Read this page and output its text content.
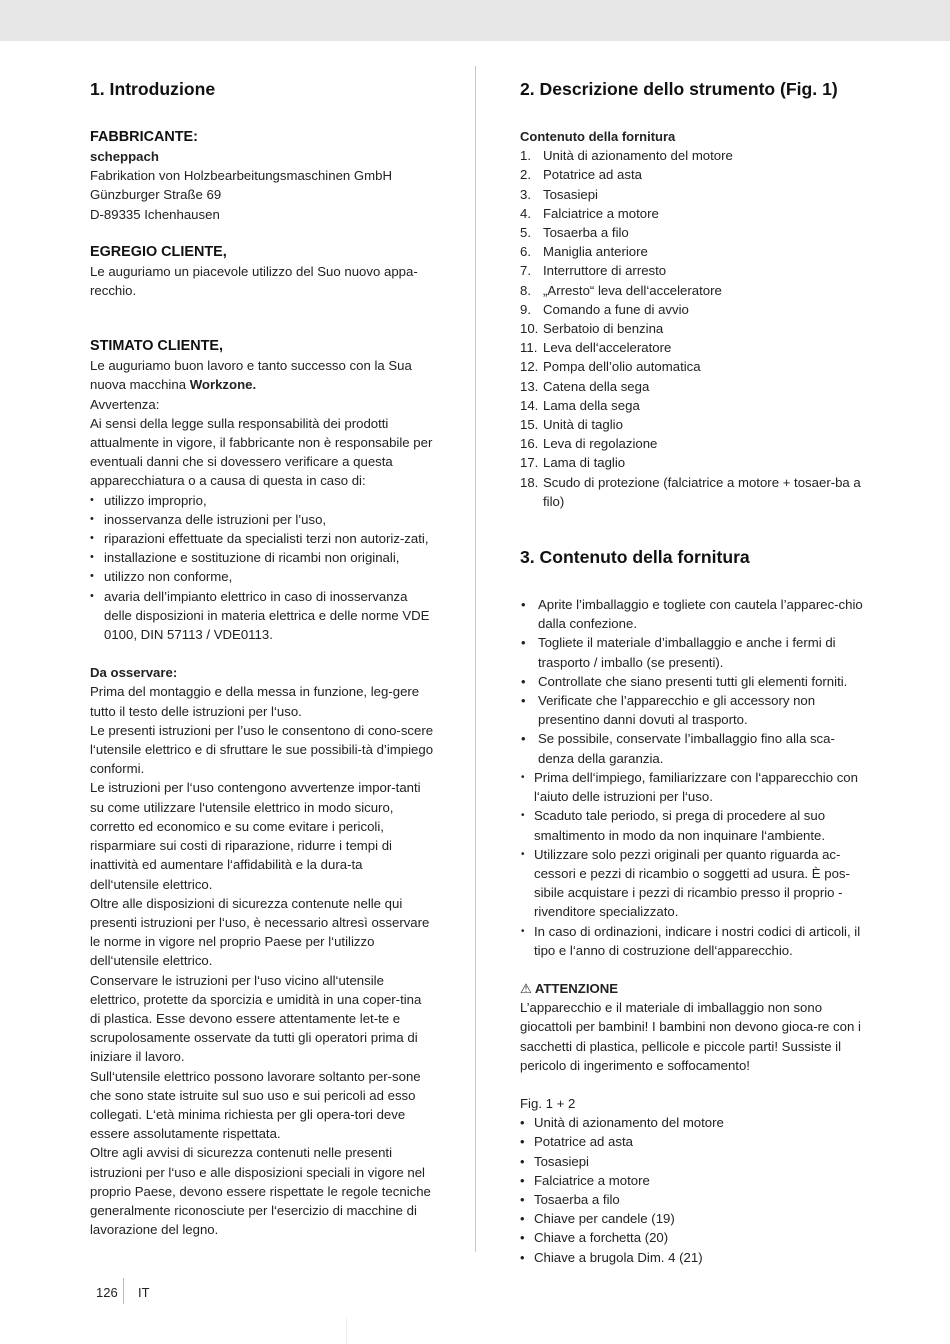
1. Introduzione
FABBRICANTE:

scheppach

Fabrikation von Holzbearbeitungsmaschinen GmbH

Günzburger Straße 69

D-89335 Ichenhausen

EGREGIO CLIENTE,

Le auguriamo un piacevole utilizzo del Suo nuovo appa-recchio.

STIMATO CLIENTE,

Le auguriamo buon lavoro e tanto successo con la Sua nuova macchina Workzone.

Avvertenza:

Ai sensi della legge sulla responsabilità dei prodotti attualmente in vigore, il fabbricante non è responsabile per eventuali danni che si dovessero verificare a questa apparecchiatura o a causa di questa in caso di:

• utilizzo improprio,
• inosservanza delle istruzioni per l’uso,
• riparazioni effettuate da specialisti terzi non autoriz-zati,
• installazione e sostituzione di ricambi non originali,
• utilizzo non conforme,
• avaria dell’impianto elettrico in caso di inosservanza delle disposizioni in materia elettrica e delle norme VDE 0100, DIN 57113 / VDE0113.

Da osservare:

Prima del montaggio e della messa in funzione, leg-gere tutto il testo delle istruzioni per l‘uso.

Le presenti istruzioni per l’uso le consentono di cono-scere l‘utensile elettrico e di sfruttare le sue possibili-tà d’impiego conformi.

Le istruzioni per l‘uso contengono avvertenze impor-tanti su come utilizzare l‘utensile elettrico in modo sicuro, corretto ed economico e su come evitare i pericoli, risparmiare sui costi di riparazione, ridurre i tempi di inattività ed aumentare l‘affidabilità e la dura-ta dell‘utensile elettrico.

Oltre alle disposizioni di sicurezza contenute nelle qui presenti istruzioni per l‘uso, è necessario altresì osservare le norme in vigore nel proprio Paese per l‘utilizzo dell‘utensile elettrico.

Conservare le istruzioni per l‘uso vicino all‘utensile elettrico, protette da sporcizia e umidità in una coper-tina di plastica. Esse devono essere attentamente let-te e scrupolosamente osservate da tutti gli operatori prima di iniziare il lavoro.

Sull‘utensile elettrico possono lavorare soltanto per-sone che sono state istruite sul suo uso e sui pericoli ad esso collegati. L‘età minima richiesta per gli opera-tori deve essere assolutamente rispettata.

Oltre agli avvisi di sicurezza contenuti nelle presenti istruzioni per l‘uso e alle disposizioni speciali in vigore nel proprio Paese, devono essere rispettate le regole tecniche generalmente riconosciute per l‘esercizio di macchine di lavorazione del legno.

2. Descrizione dello strumento (Fig. 1)

Contenuto della fornitura

1. Unità di azionamento del motore
2. Potatrice ad asta
3. Tosasiepi
4. Falciatrice a motore
5. Tosaerba a filo
6. Maniglia anteriore
7. Interruttore di arresto
8. „Arresto“ leva dell‘acceleratore
9. Comando a fune di avvio
10. Serbatoio di benzina
11. Leva dell‘acceleratore
12. Pompa dell’olio automatica
13. Catena della sega
14. Lama della sega
15. Unità di taglio
16. Leva di regolazione
17. Lama di taglio
18. Scudo di protezione (falciatrice a motore + tosaer-ba a filo)
3. Contenuto della fornitura
• Aprite l’imballaggio e togliete con cautela l’apparec-chio dalla confezione.
• Togliete il materiale d’imballaggio e anche i fermi di trasporto / imballo (se presenti).
• Controllate che siano presenti tutti gli elementi forniti.
• Verificate che l’apparecchio e gli accessory non presentino danni dovuti al trasporto.
• Se possibile, conservate l’imballaggio fino alla sca-denza della garanzia.
• Prima dell‘impiego, familiarizzare con l‘apparecchio con l‘aiuto delle istruzioni per l‘uso.
• Scaduto tale periodo, si prega di procedere al suo smaltimento in modo da non inquinare l‘ambiente.
• Utilizzare solo pezzi originali per quanto riguarda ac-cessori e pezzi di ricambio o soggetti ad usura. È pos-sibile acquistare i pezzi di ricambio presso il proprio - rivenditore specializzato.
• In caso di ordinazioni, indicare i nostri codici di articoli, il tipo e l‘anno di costruzione dell‘apparecchio.

⚠ ATTENZIONE

L’apparecchio e il materiale di imballaggio non sono giocattoli per bambini! I bambini non devono gioca-re con i sacchetti di plastica, pellicole e piccole parti! Sussiste il pericolo di ingerimento e soffocamento!

Fig. 1 + 2

• Unità di azionamento del motore
• Potatrice ad asta
• Tosasiepi
• Falciatrice a motore
• Tosaerba a filo
• Chiave per candele (19)
• Chiave a forchetta (20)
• Chiave a brugola Dim. 4 (21)
126 IT
